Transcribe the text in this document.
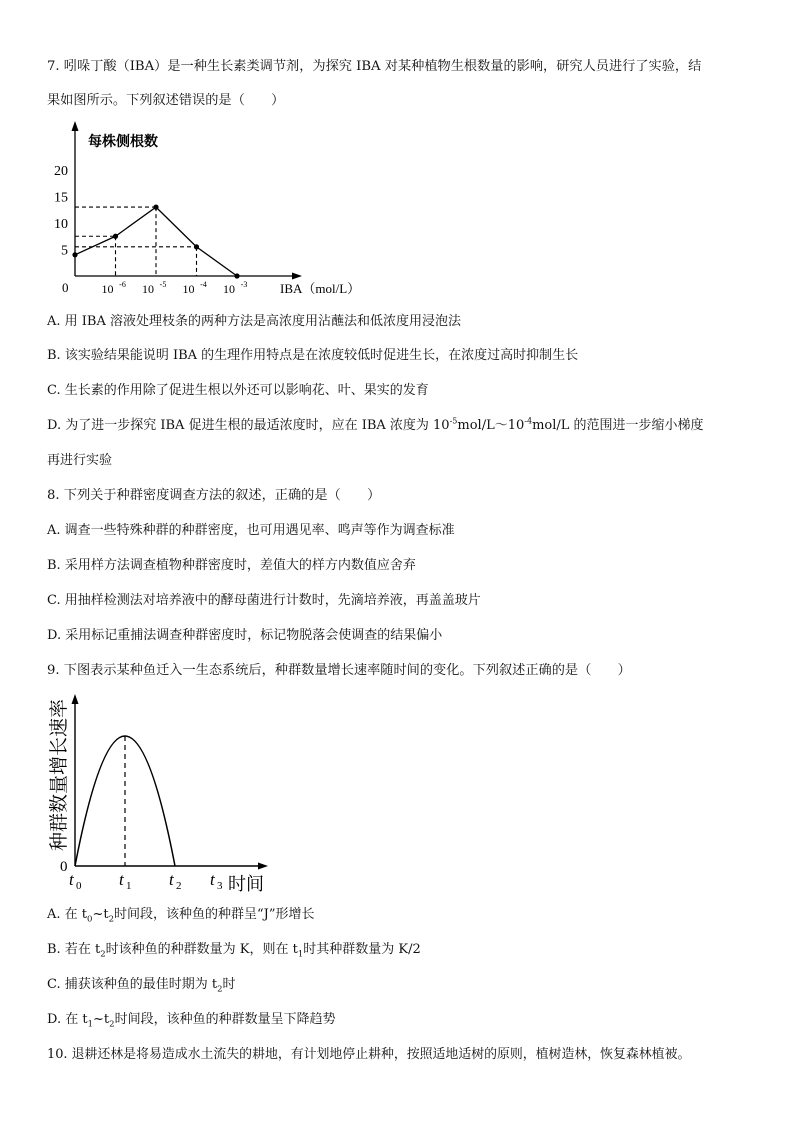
7. 吲哚丁酸（IBA）是一种生长素类调节剂，为探究 IBA 对某种植物生根数量的影响，研究人员进行了实验，结
果如图所示。下列叙述错误的是（　　）
每株侧根数
5
10
15
20
0	10 -6 10 -5 10 -4 10 -3	IBA（mol/L）
A. 用 IBA 溶液处理枝条的两种方法是高浓度用沾蘸法和低浓度用浸泡法
B. 该实验结果能说明 IBA 的生理作用特点是在浓度较低时促进生长，在浓度过高时抑制生长
C. 生长素的作用除了促进生根以外还可以影响花、叶、果实的发育
D. 为了进一步探究 IBA 促进生根的最适浓度时，应在 IBA 浓度为 $10^{-5}mol/L\sim 10^{-4}mol/L$ 的范围进一步缩小梯度
再进行实验
8. 下列关于种群密度调查方法的叙述，正确的是（　　）
A. 调查一些特殊种群的种群密度，也可用遇见率、鸣声等作为调查标准
B. 采用样方法调查植物种群密度时，差值大的样方内数值应舍弃
C. 用抽样检测法对培养液中的酵母菌进行计数时，先滴培养液，再盖盖玻片
D. 采用标记重捕法调查种群密度时，标记物脱落会使调查的结果偏小
9. 下图表示某种鱼迁入一生态系统后，种群数量增长速率随时间的变化。下列叙述正确的是（　　）
种群数量增长速率
0
t 0 t 1 t 2 t 3 时间
A. 在 $t_0\sim t_2$时间段，该种鱼的种群呈“J”形增长
B. 若在 $t_2$时该种鱼的种群数量为 K，则在 $t_1$时其种群数量为 K/2
C. 捕获该种鱼的最佳时期为 $t_2$时
D. 在 $t_1\sim t_2$时间段，该种鱼的种群数量呈下降趋势
10. 退耕还林是将易造成水土流失的耕地，有计划地停止耕种，按照适地适树的原则，植树造林，恢复森林植被。
